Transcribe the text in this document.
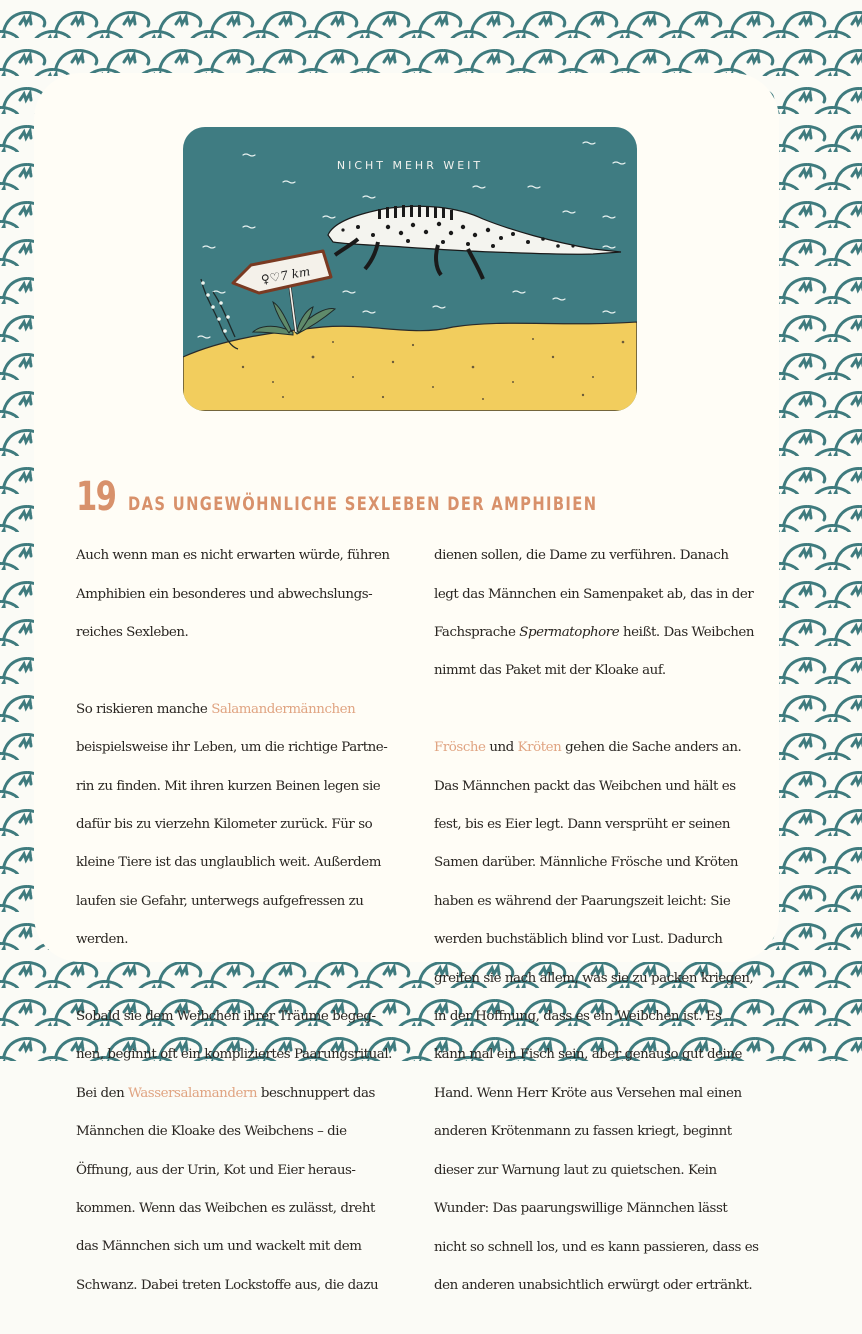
♀♡7 km
NICHT MEHR WEIT
19 DAS UNGEWÖHNLICHE SEXLEBEN DER AMPHIBIEN

Auch wenn man es nicht erwarten würde, führen

Amphibien ein besonderes und abwechslungs-

reiches Sexleben.

So riskieren manche Salamandermännchen

beispielsweise ihr Leben, um die richtige Partne-

rin zu finden. Mit ihren kurzen Beinen legen sie

dafür bis zu vierzehn Kilometer zurück. Für so

kleine Tiere ist das unglaublich weit. Außerdem

laufen sie Gefahr, unterwegs aufgefressen zu

werden.

Sobald sie dem Weibchen ihrer Träume begeg-

nen, beginnt oft ein kompliziertes Paarungsritual.

Bei den Wassersalamandern beschnuppert das

Männchen die Kloake des Weibchens – die

Öffnung, aus der Urin, Kot und Eier heraus-

kommen. Wenn das Weibchen es zulässt, dreht

das Männchen sich um und wackelt mit dem

Schwanz. Dabei treten Lockstoffe aus, die dazu

dienen sollen, die Dame zu verführen. Danach

legt das Männchen ein Samenpaket ab, das in der

Fachsprache Spermatophore heißt. Das Weibchen

nimmt das Paket mit der Kloake auf.

Frösche und Kröten gehen die Sache anders an.

Das Männchen packt das Weibchen und hält es

fest, bis es Eier legt. Dann versprüht er seinen

Samen darüber. Männliche Frösche und Kröten

haben es während der Paarungszeit leicht: Sie

werden buchstäblich blind vor Lust. Dadurch

greifen sie nach allem, was sie zu packen kriegen,

in der Hoffnung, dass es ein Weibchen ist. Es

kann mal ein Fisch sein, aber genauso gut deine

Hand. Wenn Herr Kröte aus Versehen mal einen

anderen Krötenmann zu fassen kriegt, beginnt

dieser zur Warnung laut zu quietschen. Kein

Wunder: Das paarungswillige Männchen lässt

nicht so schnell los, und es kann passieren, dass es

den anderen unabsichtlich erwürgt oder ertränkt.
